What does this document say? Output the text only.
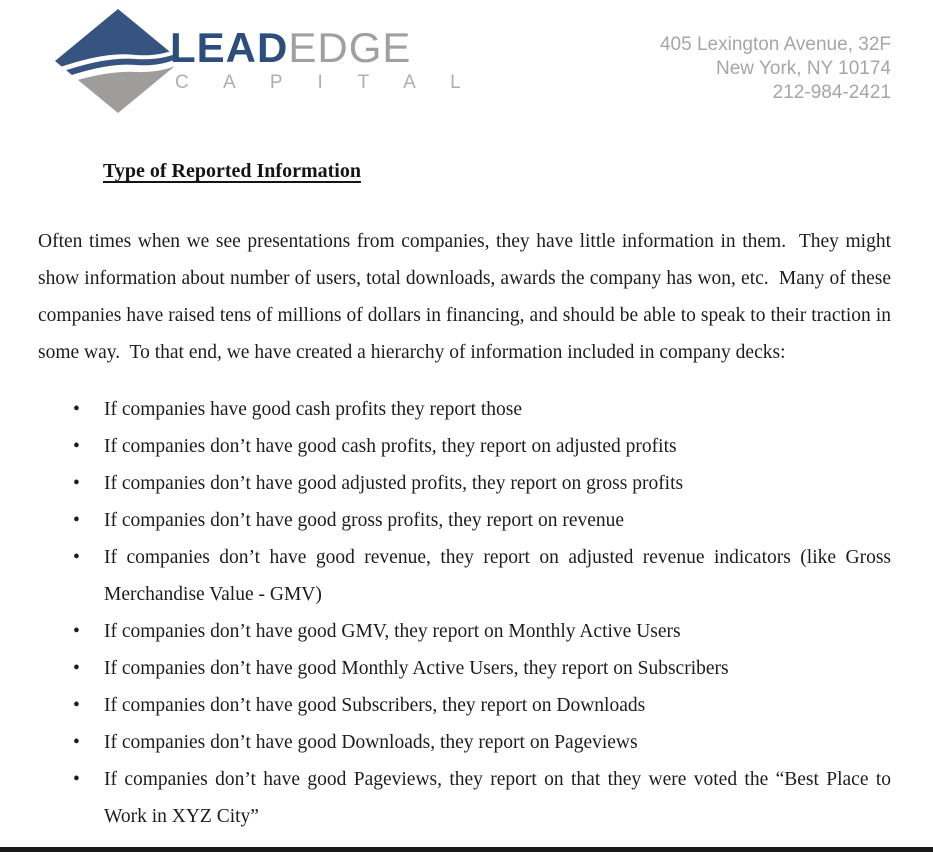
LEADEDGE
C A P I T A L
405 Lexington Avenue, 32F
New York, NY 10174
212-984-2421
Type of Reported Information

Often times when we see presentations from companies, they have little information in them.  They might show information about number of users, total downloads, awards the company has won, etc.  Many of these companies have raised tens of millions of dollars in financing, and should be able to speak to their traction in some way.  To that end, we have created a hierarchy of information included in company decks:

• If companies have good cash profits they report those
• If companies don’t have good cash profits, they report on adjusted profits
• If companies don’t have good adjusted profits, they report on gross profits
• If companies don’t have good gross profits, they report on revenue
• If companies don’t have good revenue, they report on adjusted revenue indicators (like Gross Merchandise Value - GMV)
• If companies don’t have good GMV, they report on Monthly Active Users
• If companies don’t have good Monthly Active Users, they report on Subscribers
• If companies don’t have good Subscribers, they report on Downloads
• If companies don’t have good Downloads, they report on Pageviews
• If companies don’t have good Pageviews, they report on that they were voted the “Best Place to Work in XYZ City”
